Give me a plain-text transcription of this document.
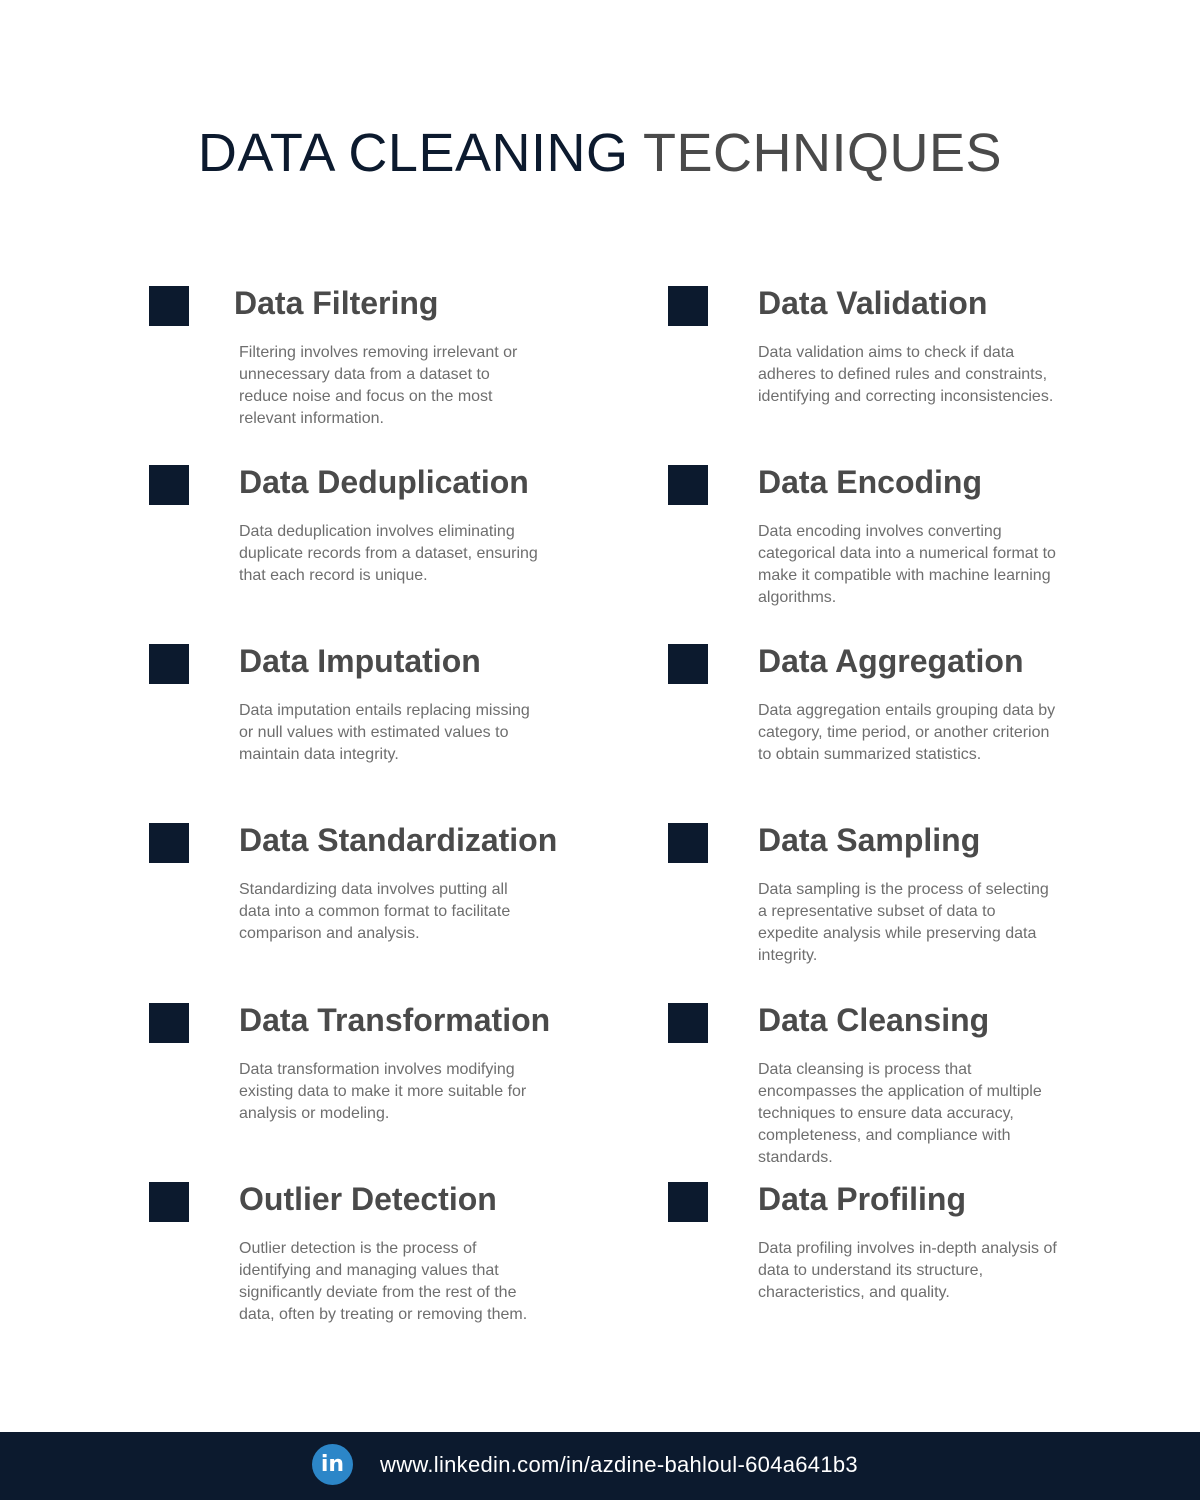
DATA CLEANING TECHNIQUES
Data Filtering

Filtering involves removing irrelevant or unnecessary data from a dataset to reduce noise and focus on the most relevant information.

Data Deduplication

Data deduplication involves eliminating duplicate records from a dataset, ensuring that each record is unique.

Data Imputation

Data imputation entails replacing missing or null values with estimated values to maintain data integrity.

Data Standardization

Standardizing data involves putting all data into a common format to facilitate comparison and analysis.

Data Transformation

Data transformation involves modifying existing data to make it more suitable for analysis or modeling.

Outlier Detection

Outlier detection is the process of identifying and managing values that significantly deviate from the rest of the data, often by treating or removing them.

Data Validation

Data validation aims to check if data adheres to defined rules and constraints, identifying and correcting inconsistencies.

Data Encoding

Data encoding involves converting categorical data into a numerical format to make it compatible with machine learning algorithms.

Data Aggregation

Data aggregation entails grouping data by category, time period, or another criterion to obtain summarized statistics.

Data Sampling

Data sampling is the process of selecting a representative subset of data to expedite analysis while preserving data integrity.

Data Cleansing

Data cleansing is process that encompasses the application of multiple techniques to ensure data accuracy, completeness, and compliance with standards.

Data Profiling

Data profiling involves in-depth analysis of data to understand its structure, characteristics, and quality.

in	www.linkedin.com/in/azdine-bahloul-604a641b3
